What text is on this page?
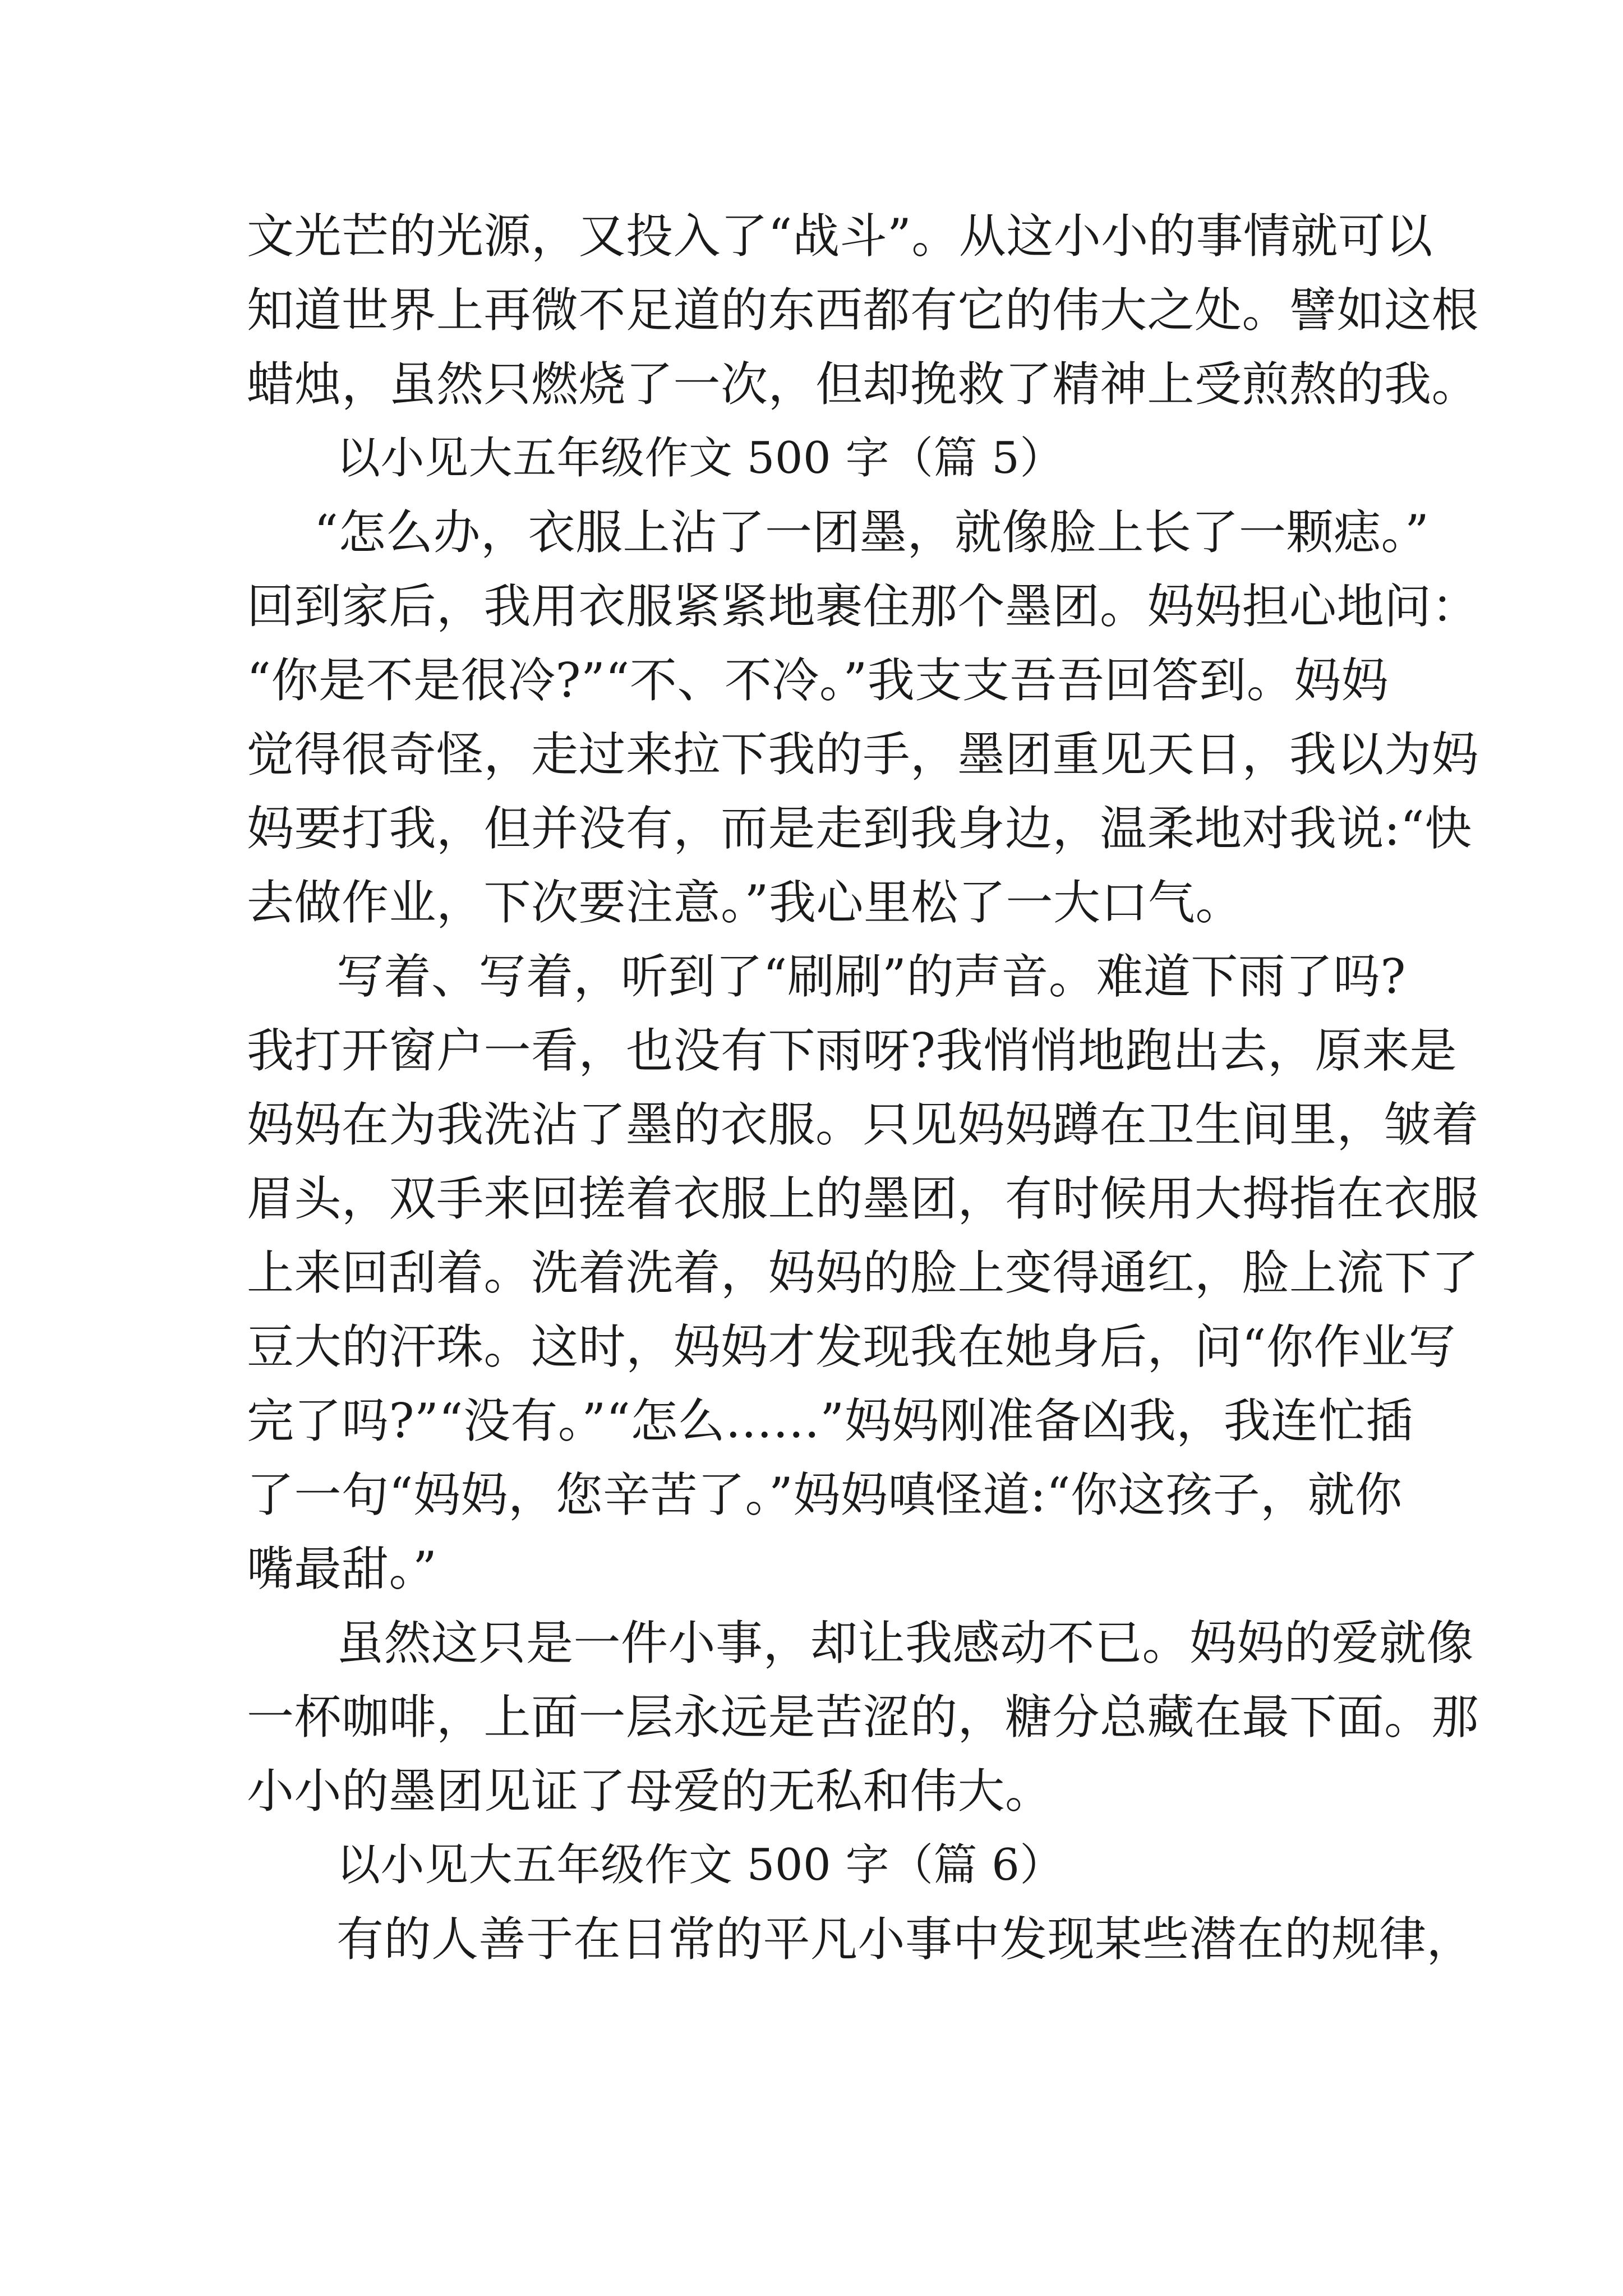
文光芒的光源，又投入了“战斗”。从这小小的事情就可以
知道世界上再微不足道的东西都有它的伟大之处。譬如这根
蜡烛，虽然只燃烧了一次，但却挽救了精神上受煎熬的我。
以小见大五年级作文 500 字（篇 5）
“怎么办，衣服上沾了一团墨，就像脸上长了一颗痣。”
回到家后，我用衣服紧紧地裹住那个墨团。妈妈担心地问：
“你是不是很冷?”“不、不冷。”我支支吾吾回答到。妈妈
觉得很奇怪，走过来拉下我的手，墨团重见天日，我以为妈
妈要打我，但并没有，而是走到我身边，温柔地对我说:“快
去做作业，下次要注意。”我心里松了一大口气。
写着、写着，听到了“刷刷”的声音。难道下雨了吗?
我打开窗户一看，也没有下雨呀?我悄悄地跑出去，原来是
妈妈在为我洗沾了墨的衣服。只见妈妈蹲在卫生间里，皱着
眉头，双手来回搓着衣服上的墨团，有时候用大拇指在衣服
上来回刮着。洗着洗着，妈妈的脸上变得通红，脸上流下了
豆大的汗珠。这时，妈妈才发现我在她身后，问“你作业写
完了吗?”“没有。”“怎么……”妈妈刚准备凶我，我连忙插
了一句“妈妈，您辛苦了。”妈妈嗔怪道:“你这孩子，就你
嘴最甜。”
虽然这只是一件小事，却让我感动不已。妈妈的爱就像
一杯咖啡，上面一层永远是苦涩的，糖分总藏在最下面。那
小小的墨团见证了母爱的无私和伟大。
以小见大五年级作文 500 字（篇 6）
有的人善于在日常的平凡小事中发现某些潜在的规律，
